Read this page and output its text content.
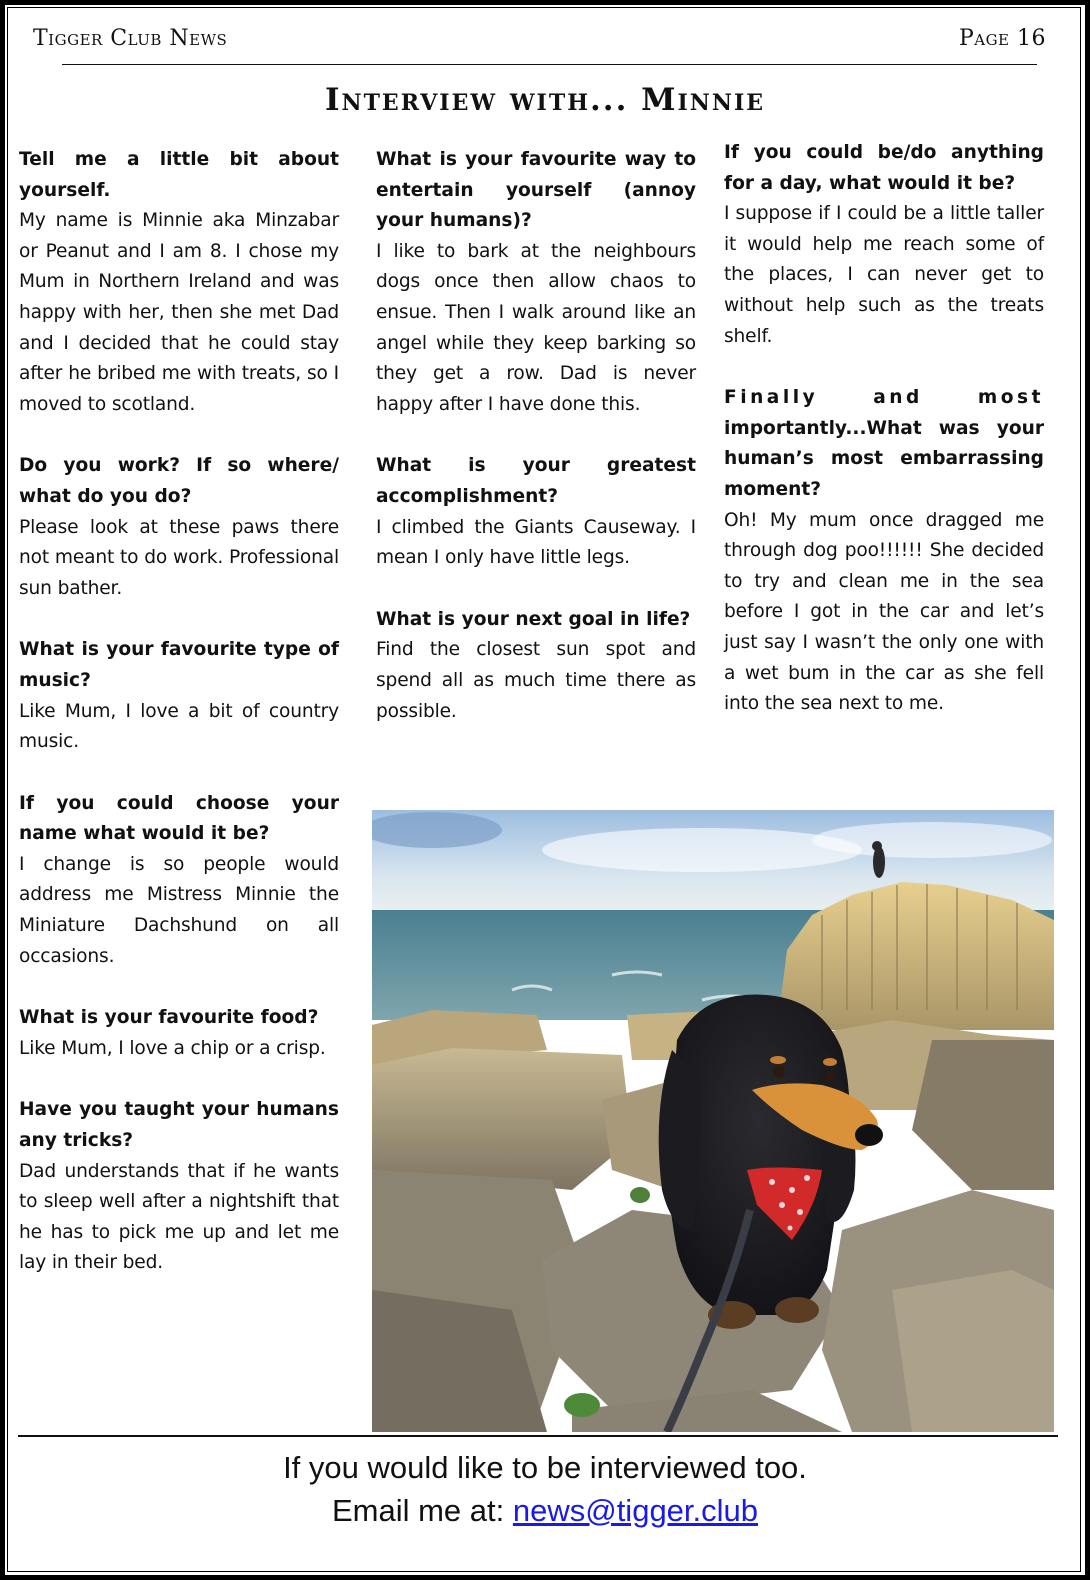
Tigger Club News	Page 16
Interview with... Minnie

Tell me a little bit about yourself.

My name is Minnie aka Minzabar or Peanut and I am 8. I chose my Mum in Northern Ireland and was happy with her, then she met Dad and I decided that he could stay after he bribed me with treats, so I moved to scotland.

Do you work? If so where/ what do you do?

Please look at these paws there not meant to do work. Professional sun bather.

What is your favourite type of music?

Like Mum, I love a bit of country music.

If you could choose your name what would it be?

I change is so people would address me Mistress Minnie the Miniature Dachshund on all occasions.

What is your favourite food?

Like Mum, I love a chip or a crisp.

Have you taught your humans any tricks?

Dad understands that if he wants to sleep well after a nightshift that he has to pick me up and let me lay in their bed.

What is your favourite way to entertain yourself (annoy your humans)?

I like to bark at the neighbours dogs once then allow chaos to ensue. Then I walk around like an angel while they keep barking so they get a row. Dad is never happy after I have done this.

What is your greatest accomplishment?

I climbed the Giants Causeway. I mean I only have little legs.

What is your next goal in life?

Find the closest sun spot and spend all as much time there as possible.

If you could be/do anything for a day, what would it be?

I suppose if I could be a little taller it would help me reach some of the places, I can never get to without help such as the treats shelf.

Finally and most importantly...What was your human’s most embarrassing moment?

Oh! My mum once dragged me through dog poo!!!!!! She decided to try and clean me in the sea before I got in the car and let’s just say I wasn’t the only one with a wet bum in the car as she fell into the sea next to me.

If you would like to be interviewed too.
Email me at: news@tigger.club
